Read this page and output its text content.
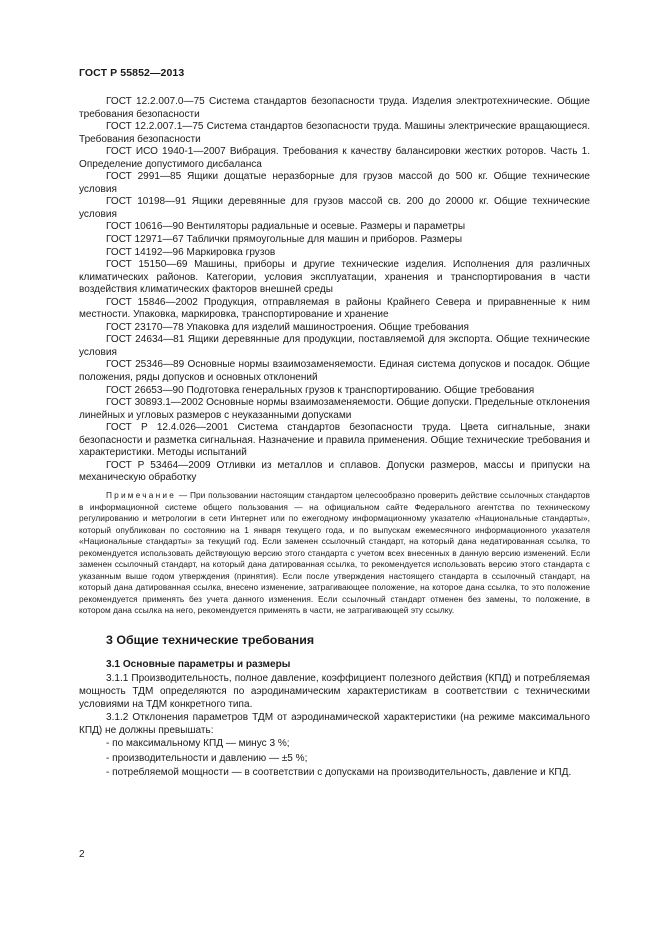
ГОСТ Р 55852—2013

ГОСТ 12.2.007.0—75 Система стандартов безопасности труда. Изделия электротехнические. Общие требования безопасности

ГОСТ 12.2.007.1—75 Система стандартов безопасности труда. Машины электрические вращающиеся. Требования безопасности

ГОСТ ИСО 1940-1—2007 Вибрация. Требования к качеству балансировки жестких роторов. Часть 1. Определение допустимого дисбаланса

ГОСТ 2991—85 Ящики дощатые неразборные для грузов массой до 500 кг. Общие технические условия

ГОСТ 10198—91 Ящики деревянные для грузов массой св. 200 до 20000 кг. Общие технические условия

ГОСТ 10616—90 Вентиляторы радиальные и осевые. Размеры и параметры

ГОСТ 12971—67 Таблички прямоугольные для машин и приборов. Размеры

ГОСТ 14192—96 Маркировка грузов

ГОСТ 15150—69 Машины, приборы и другие технические изделия. Исполнения для различных климатических районов. Категории, условия эксплуатации, хранения и транспортирования в части воздействия климатических факторов внешней среды

ГОСТ 15846—2002 Продукция, отправляемая в районы Крайнего Севера и приравненные к ним местности. Упаковка, маркировка, транспортирование и хранение

ГОСТ 23170—78 Упаковка для изделий машиностроения. Общие требования

ГОСТ 24634—81 Ящики деревянные для продукции, поставляемой для экспорта. Общие технические условия

ГОСТ 25346—89 Основные нормы взаимозаменяемости. Единая система допусков и посадок. Общие положения, ряды допусков и основных отклонений

ГОСТ 26653—90 Подготовка генеральных грузов к транспортированию. Общие требования

ГОСТ 30893.1—2002 Основные нормы взаимозаменяемости. Общие допуски. Предельные отклонения линейных и угловых размеров с неуказанными допусками

ГОСТ Р 12.4.026—2001 Система стандартов безопасности труда. Цвета сигнальные, знаки безопасности и разметка сигнальная. Назначение и правила применения. Общие технические требования и характеристики. Методы испытаний

ГОСТ Р 53464—2009 Отливки из металлов и сплавов. Допуски размеров, массы и припуски на механическую обработку

Примечание — При пользовании настоящим стандартом целесообразно проверить действие ссылочных стандартов в информационной системе общего пользования — на официальном сайте Федерального агентства по техническому регулированию и метрологии в сети Интернет или по ежегодному информационному указателю «Национальные стандарты», который опубликован по состоянию на 1 января текущего года, и по выпускам ежемесячного информационного указателя «Национальные стандарты» за текущий год. Если заменен ссылочный стандарт, на который дана недатированная ссылка, то рекомендуется использовать действующую версию этого стандарта с учетом всех внесенных в данную версию изменений. Если заменен ссылочный стандарт, на который дана датированная ссылка, то рекомендуется использовать версию этого стандарта с указанным выше годом утверждения (принятия). Если после утверждения настоящего стандарта в ссылочный стандарт, на который дана датированная ссылка, внесено изменение, затрагивающее положение, на которое дана ссылка, то это положение рекомендуется применять без учета данного изменения. Если ссылочный стандарт отменен без замены, то положение, в котором дана ссылка на него, рекомендуется применять в части, не затрагивающей эту ссылку.

3 Общие технические требования
3.1 Основные параметры и размеры

3.1.1 Производительность, полное давление, коэффициент полезного действия (КПД) и потребляемая мощность ТДМ определяются по аэродинамическим характеристикам в соответствии с техническими условиями на ТДМ конкретного типа.

3.1.2 Отклонения параметров ТДМ от аэродинамической характеристики (на режиме максимального КПД) не должны превышать:

- по максимальному КПД — минус 3 %;
- производительности и давлению — ±5 %;
- потребляемой мощности — в соответствии с допусками на производительность, давление и КПД.
2
